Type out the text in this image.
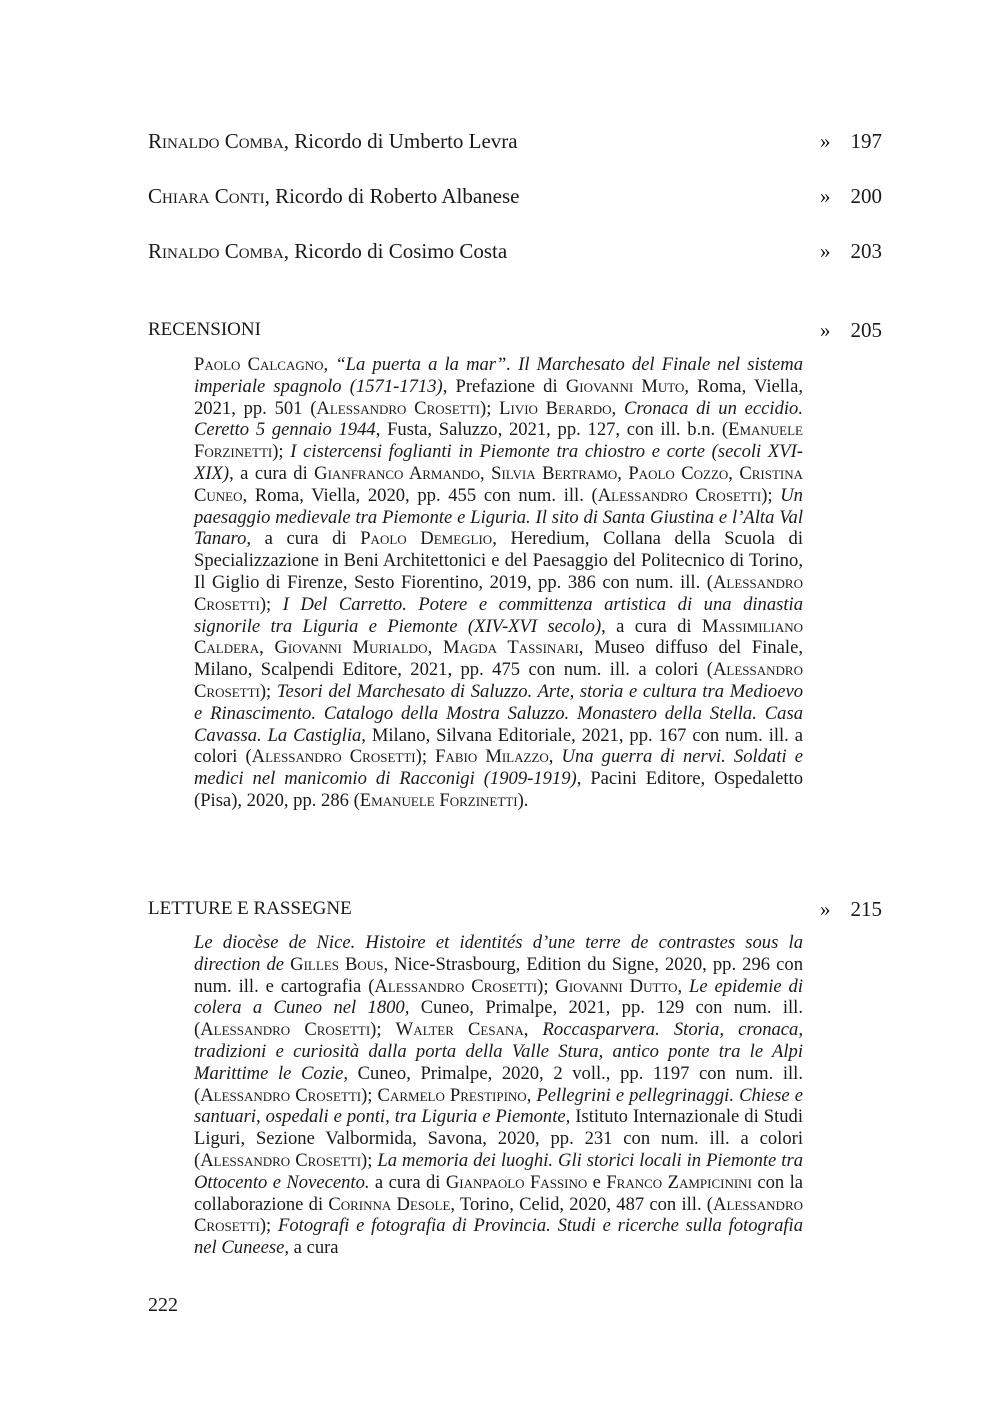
Rinaldo Comba, Ricordo di Umberto Levra	» 197
Chiara Conti, Ricordo di Roberto Albanese	» 200
Rinaldo Comba, Ricordo di Cosimo Costa	» 203
RECENSIONI	» 205
Paolo Calcagno, “La puerta a la mar”. Il Marchesato del Finale nel sistema imperiale spagnolo (1571-1713), Prefazione di Giovanni Muto, Roma, Viella, 2021, pp. 501 (Alessandro Crosetti); Livio Berardo, Cronaca di un eccidio. Ceretto 5 gennaio 1944, Fusta, Saluzzo, 2021, pp. 127, con ill. b.n. (Emanuele Forzinetti); I cistercensi foglianti in Piemonte tra chiostro e corte (secoli XVI-XIX), a cura di Gianfranco Armando, Silvia Bertramo, Paolo Cozzo, Cristina Cuneo, Roma, Viella, 2020, pp. 455 con num. ill. (Alessandro Crosetti); Un paesaggio medievale tra Piemonte e Liguria. Il sito di Santa Giustina e l’Alta Val Tanaro, a cura di Paolo Demeglio, Heredium, Collana della Scuola di Specializzazione in Beni Architettonici e del Paesaggio del Politecnico di Torino, Il Giglio di Firenze, Sesto Fiorentino, 2019, pp. 386 con num. ill. (Alessandro Crosetti); I Del Carretto. Potere e committenza artistica di una dinastia signorile tra Liguria e Piemonte (XIV-XVI secolo), a cura di Massimiliano Caldera, Giovanni Murialdo, Magda Tassinari, Museo diffuso del Finale, Milano, Scalpendi Editore, 2021, pp. 475 con num. ill. a colori (Alessandro Crosetti); Tesori del Marchesato di Saluzzo. Arte, storia e cultura tra Medioevo e Rinascimento. Catalogo della Mostra Saluzzo. Monastero della Stella. Casa Cavassa. La Castiglia, Milano, Silvana Editoriale, 2021, pp. 167 con num. ill. a colori (Alessandro Crosetti); Fabio Milazzo, Una guerra di nervi. Soldati e medici nel manicomio di Racconigi (1909-1919), Pacini Editore, Ospedaletto (Pisa), 2020, pp. 286 (Emanuele Forzinetti).
LETTURE E RASSEGNE	» 215
Le diocèse de Nice. Histoire et identités d’une terre de contrastes sous la direction de Gilles Bous, Nice-Strasbourg, Edition du Signe, 2020, pp. 296 con num. ill. e cartografia (Alessandro Crosetti); Giovanni Dutto, Le epidemie di colera a Cuneo nel 1800, Cuneo, Primalpe, 2021, pp. 129 con num. ill. (Alessandro Crosetti); Walter Cesana, Roccasparvera. Storia, cronaca, tradizioni e curiosità dalla porta della Valle Stura, antico ponte tra le Alpi Marittime le Cozie, Cuneo, Primalpe, 2020, 2 voll., pp. 1197 con num. ill. (Alessandro Crosetti); Carmelo Prestipino, Pellegrini e pellegrinaggi. Chiese e santuari, ospedali e ponti, tra Liguria e Piemonte, Istituto Internazionale di Studi Liguri, Sezione Valbormida, Savona, 2020, pp. 231 con num. ill. a colori (Alessandro Crosetti); La memoria dei luoghi. Gli storici locali in Piemonte tra Ottocento e Novecento. a cura di Gianpaolo Fassino e Franco Zampicinini con la collaborazione di Corinna Desole, Torino, Celid, 2020, 487 con ill. (Alessandro Crosetti); Fotografi e fotografia di Provincia. Studi e ricerche sulla fotografia nel Cuneese, a cura
222
